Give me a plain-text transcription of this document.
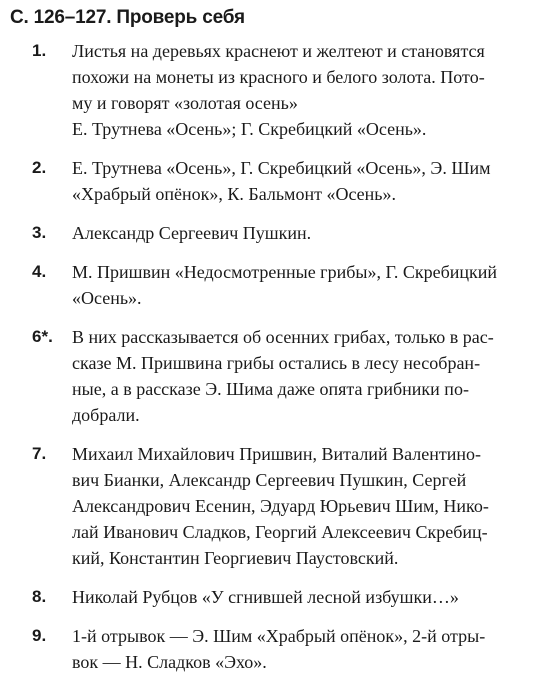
С. 126–127. Проверь себя
1.	Листья на деревьях краснеют и желтеют и становятся
похожи на монеты из красного и белого золота. Пото-
му и говорят «золотая осень»
Е. Трутнева «Осень»; Г. Скребицкий «Осень».
2.	Е. Трутнева «Осень», Г. Скребицкий «Осень», Э. Шим
«Храбрый опёнок», К. Бальмонт «Осень».
3.	Александр Сергеевич Пушкин.
4.	М. Пришвин «Недосмотренные грибы», Г. Скребицкий
«Осень».
6*.	В них рассказывается об осенних грибах, только в рас-
сказе М. Пришвина грибы остались в лесу несобран-
ные, а в рассказе Э. Шима даже опята грибники по-
добрали.
7.	Михаил Михайлович Пришвин, Виталий Валентино-
вич Бианки, Александр Сергеевич Пушкин, Сергей
Александрович Есенин, Эдуард Юрьевич Шим, Нико-
лай Иванович Сладков, Георгий Алексеевич Скребиц-
кий, Константин Георгиевич Паустовский.
8.	Николай Рубцов «У сгнившей лесной избушки…»
9.	1-й отрывок — Э. Шим «Храбрый опёнок», 2-й отры-
вок — Н. Сладков «Эхо».
